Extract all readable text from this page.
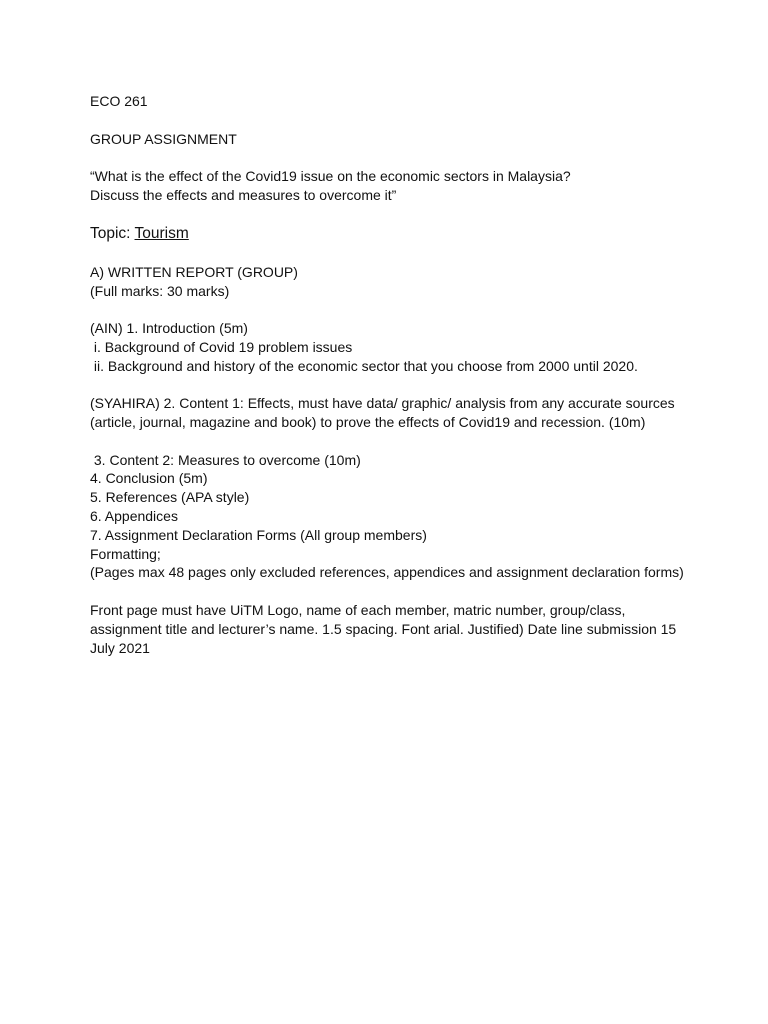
ECO 261
GROUP ASSIGNMENT
“What is the effect of the Covid19 issue on the economic sectors in Malaysia?
Discuss the effects and measures to overcome it”
Topic: Tourism
A) WRITTEN REPORT (GROUP)
(Full marks: 30 marks)
(AIN) 1. Introduction (5m)
i. Background of Covid 19 problem issues
ii. Background and history of the economic sector that you choose from 2000 until 2020.
(SYAHIRA) 2. Content 1: Effects, must have data/ graphic/ analysis from any accurate sources
(article, journal, magazine and book) to prove the effects of Covid19 and recession. (10m)
3. Content 2: Measures to overcome (10m)
4. Conclusion (5m)
5. References (APA style)
6. Appendices
7. Assignment Declaration Forms (All group members)
Formatting;
(Pages max 48 pages only excluded references, appendices and assignment declaration forms)
Front page must have UiTM Logo, name of each member, matric number, group/class,
assignment title and lecturer’s name. 1.5 spacing. Font arial. Justified) Date line submission 15
July 2021
